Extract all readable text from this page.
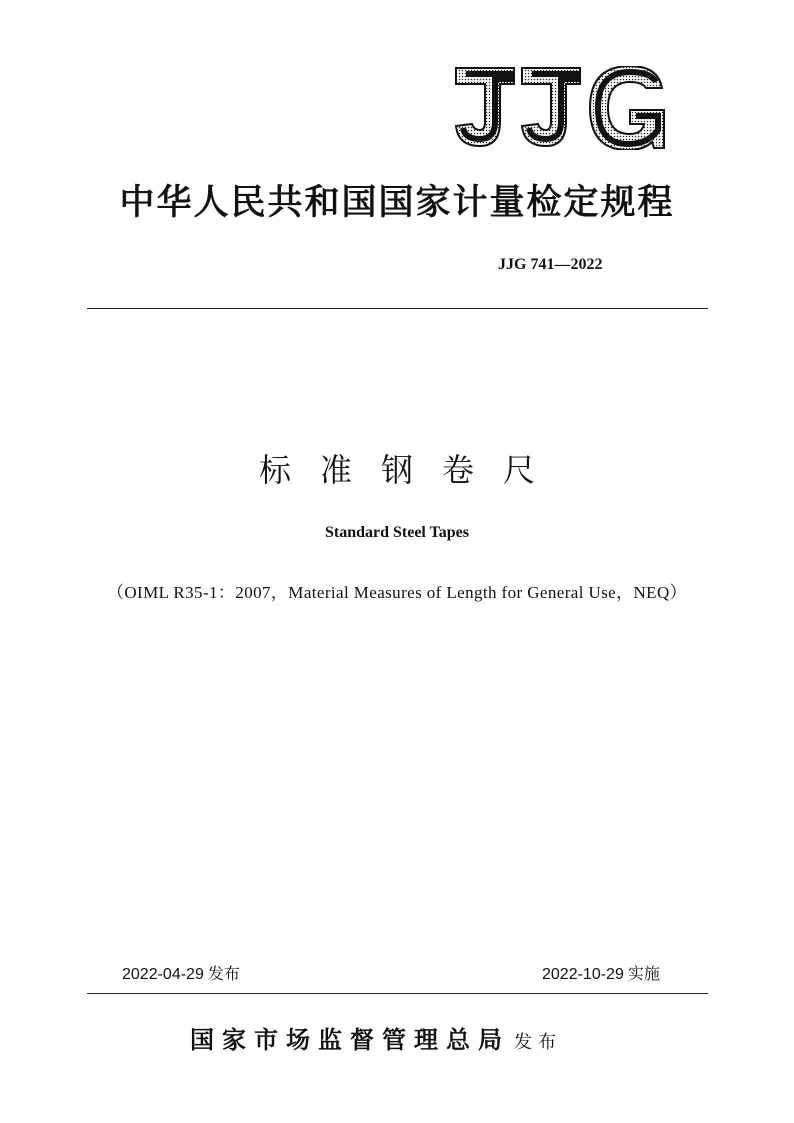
中华人民共和国国家计量检定规程
JJG 741—2022
标准钢卷尺
Standard Steel Tapes
（OIML R35-1：2007，Material Measures of Length for General Use，NEQ）
2022-04-29 发布	2022-10-29 实施
国家市场监督管理总局 发布
